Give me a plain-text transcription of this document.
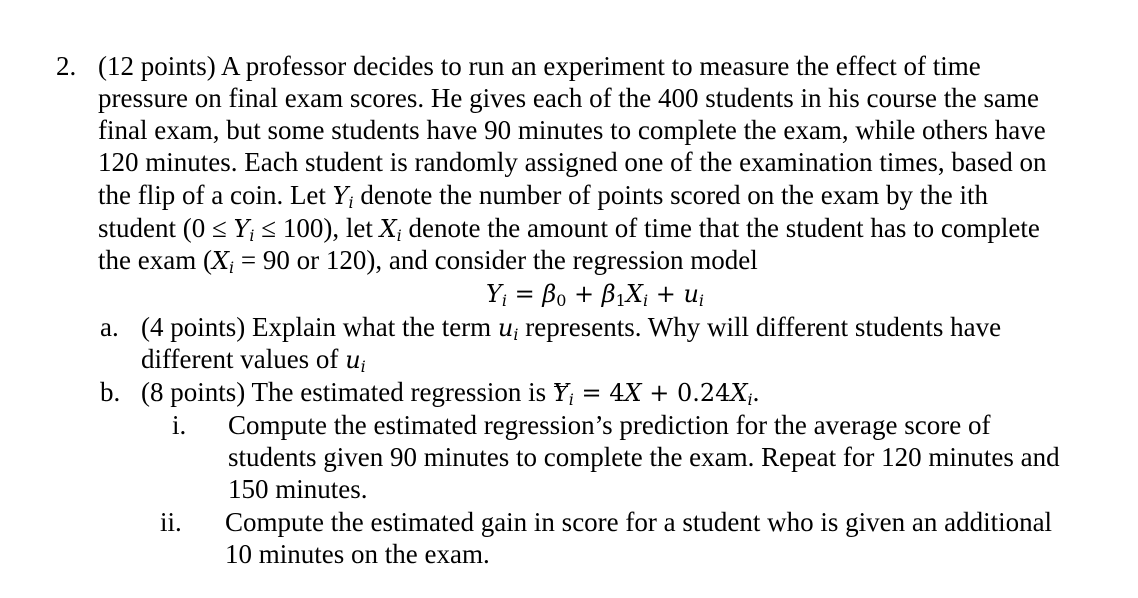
2. (12 points) A professor decides to run an experiment to measure the effect of time
pressure on final exam scores. He gives each of the 400 students in his course the same
final exam, but some students have 90 minutes to complete the exam, while others have
120 minutes. Each student is randomly assigned one of the examination times, based on
the flip of a coin. Let $Y_i$ denote the number of points scored on the exam by the ith
student $(0 \le Y_i \le 100)$, let $X_i$ denote the amount of time that the student has to complete
the exam ($X_i = 90$ or 120), and consider the regression model
$Y_i = \beta_0 + \beta_1X_i + u_i$
a. (4 points) Explain what the term $u_i$ represents. Why will different students have
different values of $u_i$
b. (8 points) The estimated regression is $Y_i = 4X + 0.24X_i$.
i. Compute the estimated regression’s prediction for the average score of
students given 90 minutes to complete the exam. Repeat for 120 minutes and
150 minutes.
ii. Compute the estimated gain in score for a student who is given an additional
10 minutes on the exam.
